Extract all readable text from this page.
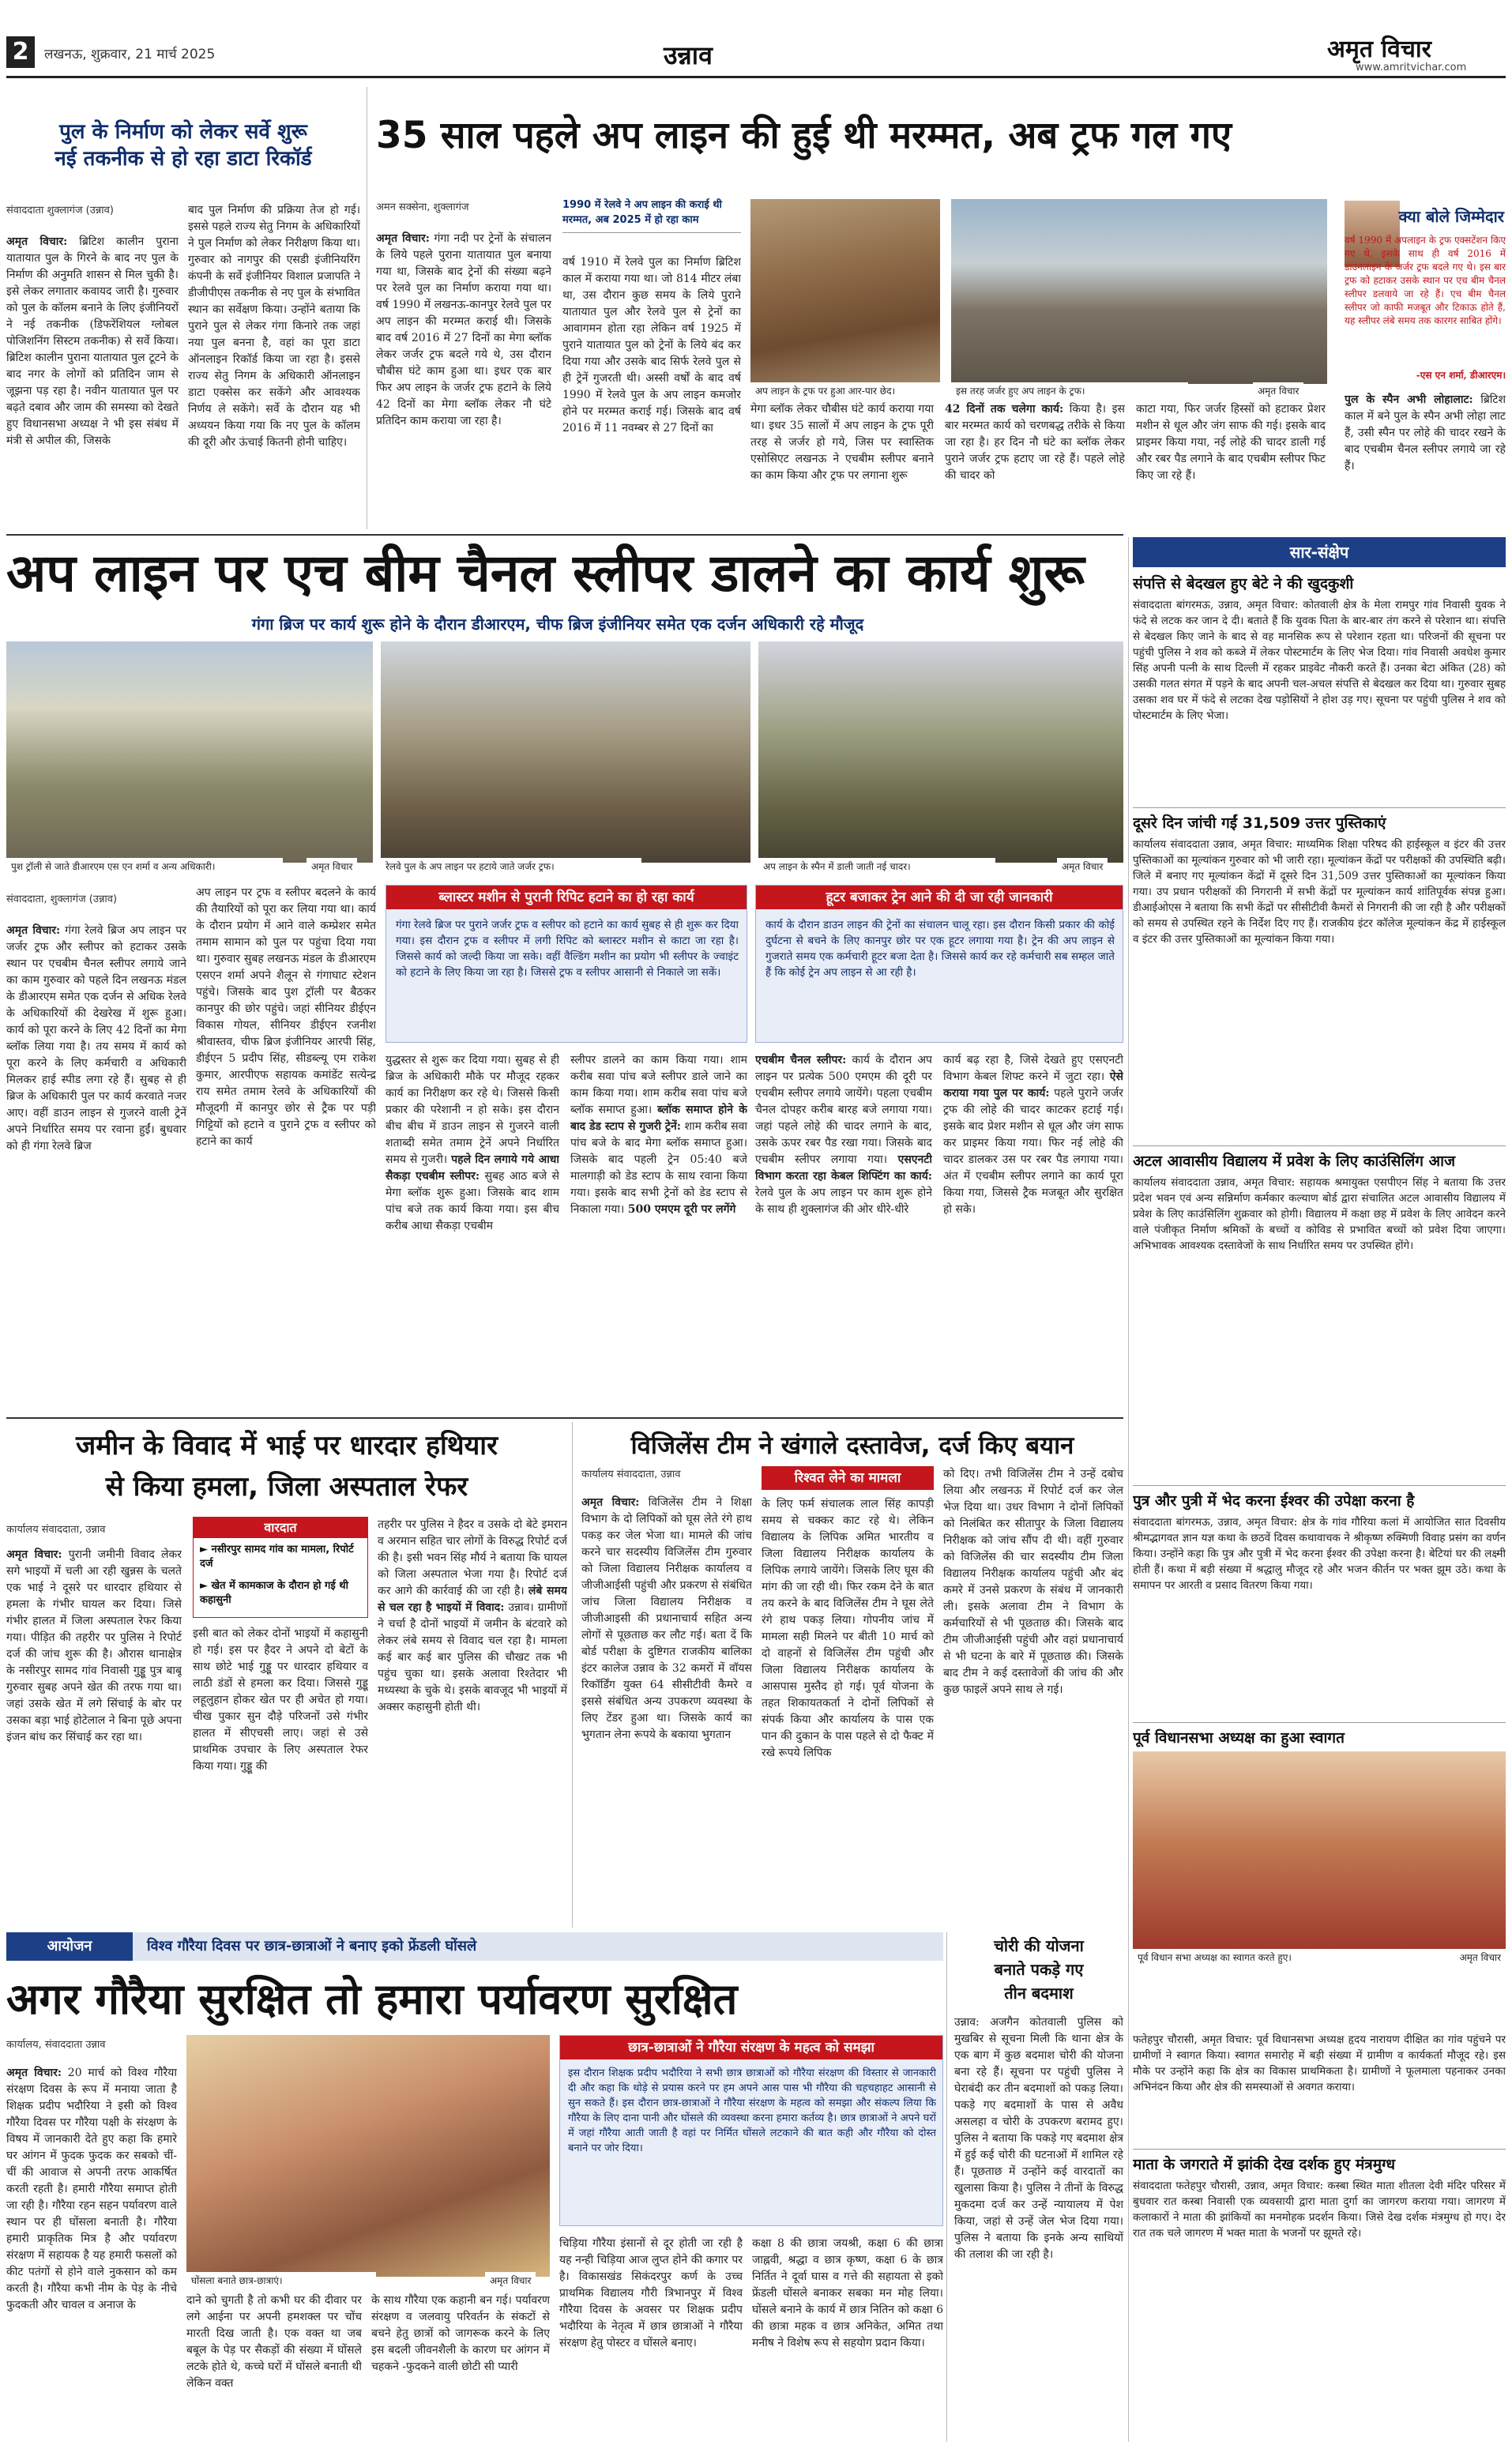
2	लखनऊ, शुक्रवार, 21 मार्च 2025	उन्नाव	अमृत विचार
www.amritvichar.com
पुल के निर्माण को लेकर सर्वे शुरू
नई तकनीक से हो रहा डाटा रिकॉर्ड
संवाददाता शुक्लागंज (उन्नाव)
अमृत विचार: ब्रिटिश कालीन पुराना यातायात पुल के गिरने के बाद नए पुल के निर्माण की अनुमति शासन से मिल चुकी है। इसे लेकर लगातार कवायद जारी है। गुरुवार को पुल के कॉलम बनाने के लिए इंजीनियरों ने नई तकनीक (डिफरेंशियल ग्लोबल पोजिशनिंग सिस्टम तकनीक) से सर्वे किया। ब्रिटिश कालीन पुराना यातायात पुल टूटने के बाद नगर के लोगों को प्रतिदिन जाम से जूझना पड़ रहा है। नवीन यातायात पुल पर बढ़ते दबाव और जाम की समस्या को देखते हुए विधानसभा अध्यक्ष ने भी इस संबंध में मंत्री से अपील की, जिसके
बाद पुल निर्माण की प्रक्रिया तेज हो गई। इससे पहले राज्य सेतु निगम के अधिकारियों ने पुल निर्माण को लेकर निरीक्षण किया था। गुरुवार को नागपुर की एसडी इंजीनियरिंग कंपनी के सर्वे इंजीनियर विशाल प्रजापति ने डीजीपीएस तकनीक से नए पुल के संभावित स्थान का सर्वेक्षण किया। उन्होंने बताया कि पुराने पुल से लेकर गंगा किनारे तक जहां नया पुल बनना है, वहां का पूरा डाटा ऑनलाइन रिकॉर्ड किया जा रहा है। इससे राज्य सेतु निगम के अधिकारी ऑनलाइन डाटा एक्सेस कर सकेंगे और आवश्यक निर्णय ले सकेंगे। सर्वे के दौरान यह भी अध्ययन किया गया कि नए पुल के कॉलम की दूरी और ऊंचाई कितनी होनी चाहिए।
35 साल पहले अप लाइन की हुई थी मरम्मत, अब ट्रफ गल गए
अमन सक्सेना, शुक्लागंज
अमृत विचार: गंगा नदी पर ट्रेनों के संचालन के लिये पहले पुराना यातायात पुल बनाया गया था, जिसके बाद ट्रेनों की संख्या बढ़ने पर रेलवे पुल का निर्माण कराया गया था। वर्ष 1990 में लखनऊ-कानपुर रेलवे पुल पर अप लाइन की मरम्मत कराई थी। जिसके बाद वर्ष 2016 में 27 दिनों का मेगा ब्लॉक लेकर जर्जर ट्रफ बदले गये थे, उस दौरान चौबीस घंटे काम हुआ था। इधर एक बार फिर अप लाइन के जर्जर ट्रफ हटाने के लिये 42 दिनों का मेगा ब्लॉक लेकर नौ घंटे प्रतिदिन काम कराया जा रहा है।
1990 में रेलवे ने अप लाइन की कराई थी मरम्मत, अब 2025 में हो रहा काम
वर्ष 1910 में रेलवे पुल का निर्माण ब्रिटिश काल में कराया गया था। जो 814 मीटर लंबा था, उस दौरान कुछ समय के लिये पुराने यातायात पुल और रेलवे पुल से ट्रेनों का आवागमन होता रहा लेकिन वर्ष 1925 में पुराने यातायात पुल को ट्रेनों के लिये बंद कर दिया गया और उसके बाद सिर्फ रेलवे पुल से ही ट्रेनें गुजरती थी। अस्सी वर्षों के बाद वर्ष 1990 में रेलवे पुल के अप लाइन कमजोर होने पर मरम्मत कराई गई। जिसके बाद वर्ष 2016 में 11 नवम्बर से 27 दिनों का
अप लाइन के ट्रफ पर हुआ आर-पार छेद।	इस तरह जर्जर हुए अप लाइन के ट्रफ।	अमृत विचार
मेगा ब्लॉक लेकर चौबीस घंटे कार्य कराया गया था। इधर 35 सालों में अप लाइन के ट्रफ पूरी तरह से जर्जर हो गये, जिस पर स्वास्तिक एसोसिएट लखनऊ ने एचबीम स्लीपर बनाने का काम किया और ट्रफ पर लगाना शुरू
42 दिनों तक चलेगा कार्य: किया है। इस बार मरम्मत कार्य को चरणबद्ध तरीके से किया जा रहा है। हर दिन नौ घंटे का ब्लॉक लेकर पुराने जर्जर ट्रफ हटाए जा रहे हैं। पहले लोहे की चादर को
काटा गया, फिर जर्जर हिस्सों को हटाकर प्रेशर मशीन से धूल और जंग साफ की गई। इसके बाद प्राइमर किया गया, नई लोहे की चादर डाली गई और रबर पैड लगाने के बाद एचबीम स्लीपर फिट किए जा रहे हैं।
क्या बोले जिम्मेदार
वर्ष 1990 में अपलाइन के ट्रफ एक्सटेंशन किए गए थे, इसके साथ ही वर्ष 2016 में डाउनलाइन के जर्जर ट्रफ बदले गए थे। इस बार ट्रफ को हटाकर उसके स्थान पर एच बीम चैनल स्लीपर डलवाये जा रहे हैं। एच बीम चैनल स्लीपर जो काफी मजबूत और टिकाऊ होते हैं, यह स्लीपर लंबे समय तक कारगर साबित होंगे।
-एस एन शर्मा, डीआरएम।
पुल के स्पैन अभी लोहालाट: ब्रिटिश काल में बने पुल के स्पैन अभी लोहा लाट हैं, उसी स्पैन पर लोहे की चादर रखने के बाद एचबीम चैनल स्लीपर लगाये जा रहे हैं।
अप लाइन पर एच बीम चैनल स्लीपर डालने का कार्य शुरू
गंगा ब्रिज पर कार्य शुरू होने के दौरान डीआरएम, चीफ ब्रिज इंजीनियर समेत एक दर्जन अधिकारी रहे मौजूद
पुश ट्रॉली से जाते डीआरएम एस एन शर्मा व अन्य अधिकारी।	अमृत विचार	रेलवे पुल के अप लाइन पर हटाये जाते जर्जर ट्रफ।	अप लाइन के स्पैन में डाली जाती नई चादर।	अमृत विचार
संवाददाता, शुक्लागंज (उन्नाव)
अमृत विचार: गंगा रेलवे ब्रिज अप लाइन पर जर्जर ट्रफ और स्लीपर को हटाकर उसके स्थान पर एचबीम चैनल स्लीपर लगाये जाने का काम गुरुवार को पहले दिन लखनऊ मंडल के डीआरएम समेत एक दर्जन से अधिक रेलवे के अधिकारियों की देखरेख में शुरू हुआ। कार्य को पूरा करने के लिए 42 दिनों का मेगा ब्लॉक लिया गया है। तय समय में कार्य को पूरा करने के लिए कर्मचारी व अधिकारी मिलकर हाई स्पीड लगा रहे हैं। सुबह से ही ब्रिज के अधिकारी पुल पर कार्य करवाते नजर आए। वहीं डाउन लाइन से गुजरने वाली ट्रेनें अपने निर्धारित समय पर रवाना हुईं। बुधवार को ही गंगा रेलवे ब्रिज
अप लाइन पर ट्रफ व स्लीपर बदलने के कार्य की तैयारियों को पूरा कर लिया गया था। कार्य के दौरान प्रयोग में आने वाले कम्प्रेशर समेत तमाम सामान को पुल पर पहुंचा दिया गया था। गुरुवार सुबह लखनऊ मंडल के डीआरएम एसएन शर्मा अपने शैलून से गंगाघाट स्टेशन पहुंचे। जिसके बाद पुश ट्रॉली पर बैठकर कानपुर की छोर पहुंचे। जहां सीनियर डीईएन विकास गोयल, सीनियर डीईएन रजनीश श्रीवास्तव, चीफ ब्रिज इंजीनियर आरपी सिंह, डीईएन 5 प्रदीप सिंह, सीडब्ल्यू एम राकेश कुमार, आरपीएफ सहायक कमांडेंट सत्येन्द्र राय समेत तमाम रेलवे के अधिकारियों की मौजूदगी में कानपुर छोर से ट्रैक पर पड़ी गिट्टियों को हटाने व पुराने ट्रफ व स्लीपर को हटाने का कार्य
ब्लास्टर मशीन से पुरानी रिपिट हटाने का हो रहा कार्य
गंगा रेलवे ब्रिज पर पुराने जर्जर ट्रफ व स्लीपर को हटाने का कार्य सुबह से ही शुरू कर दिया गया। इस दौरान ट्रफ व स्लीपर में लगी रिपिट को ब्लास्टर मशीन से काटा जा रहा है। जिससे कार्य को जल्दी किया जा सके। वहीं वैल्डिंग मशीन का प्रयोग भी स्लीपर के ज्वाइंट को हटाने के लिए किया जा रहा है। जिससे ट्रफ व स्लीपर आसानी से निकाले जा सकें।
हूटर बजाकर ट्रेन आने की दी जा रही जानकारी
कार्य के दौरान डाउन लाइन की ट्रेनों का संचालन चालू रहा। इस दौरान किसी प्रकार की कोई दुर्घटना से बचने के लिए कानपुर छोर पर एक हूटर लगाया गया है। ट्रेन की अप लाइन से गुजराते समय एक कर्मचारी हूटर बजा देता है। जिससे कार्य कर रहे कर्मचारी सब सम्हल जाते हैं कि कोई ट्रेन अप लाइन से आ रही है।
युद्धस्तर से शुरू कर दिया गया। सुबह से ही ब्रिज के अधिकारी मौके पर मौजूद रहकर कार्य का निरीक्षण कर रहे थे। जिससे किसी प्रकार की परेशानी न हो सके। इस दौरान बीच बीच में डाउन लाइन से गुजरने वाली शताब्दी समेत तमाम ट्रेनें अपने निर्धारित समय से गुजरी। पहले दिन लगाये गये आधा सैकड़ा एचबीम स्लीपर: सुबह आठ बजे से मेगा ब्लॉक शुरू हुआ। जिसके बाद शाम पांच बजे तक कार्य किया गया। इस बीच करीब आधा सैकड़ा एचबीम
स्लीपर डालने का काम किया गया। शाम करीब सवा पांच बजे स्लीपर डाले जाने का काम किया गया। शाम करीब सवा पांच बजे ब्लॉक समाप्त हुआ। ब्लॉक समाप्त होने के बाद डेड स्टाप से गुजरी ट्रेनें: शाम करीब सवा पांच बजे के बाद मेगा ब्लॉक समाप्त हुआ। जिसके बाद पहली ट्रेन 05:40 बजे मालगाड़ी को डेड स्टाप के साथ रवाना किया गया। इसके बाद सभी ट्रेनों को डेड स्टाप से निकाला गया। 500 एमएम दूरी पर लगेंगे
एचबीम चैनल स्लीपर: कार्य के दौरान अप लाइन पर प्रत्येक 500 एमएम की दूरी पर एचबीम स्लीपर लगाये जायेंगे। पहला एचबीम चैनल दोपहर करीब बारह बजे लगाया गया। जहां पहले लोहे की चादर लगाने के बाद, उसके ऊपर रबर पैड रखा गया। जिसके बाद एचबीम स्लीपर लगाया गया। एसएनटी विभाग करता रहा केबल शिफ्टिंग का कार्य: रेलवे पुल के अप लाइन पर काम शुरू होने के साथ ही शुक्लागंज की ओर धीरे-धीरे
कार्य बढ़ रहा है, जिसे देखते हुए एसएनटी विभाग केबल शिफ्ट करने में जुटा रहा। ऐसे कराया गया पुल पर कार्य: पहले पुराने जर्जर ट्रफ की लोहे की चादर काटकर हटाई गई। इसके बाद प्रेशर मशीन से धूल और जंग साफ कर प्राइमर किया गया। फिर नई लोहे की चादर डालकर उस पर रबर पैड लगाया गया। अंत में एचबीम स्लीपर लगाने का कार्य पूरा किया गया, जिससे ट्रैक मजबूत और सुरक्षित हो सके।
जमीन के विवाद में भाई पर धारदार हथियार
से किया हमला, जिला अस्पताल रेफर
कार्यालय संवाददाता, उन्नाव
अमृत विचार: पुरानी जमीनी विवाद लेकर सगे भाइयों में चली आ रही खुन्नस के चलते एक भाई ने दूसरे पर धारदार हथियार से हमला के गंभीर घायल कर दिया। जिसे गंभीर हालत में जिला अस्पताल रेफर किया गया। पीड़ित की तहरीर पर पुलिस ने रिपोर्ट दर्ज की जांच शुरू की है। औरास थानाक्षेत्र के नसीरपुर सामद गांव निवासी गुड्डू पुत्र बाबू गुरुवार सुबह अपने खेत की तरफ गया था। जहां उसके खेत में लगे सिंचाई के बोर पर उसका बड़ा भाई होटेलाल ने बिना पूछे अपना इंजन बांध कर सिंचाई कर रहा था।
वारदात
► नसीरपुर सामद गांव का मामला, रिपोर्ट दर्ज
► खेत में कामकाज के दौरान हो गई थी कहासुनी
इसी बात को लेकर दोनों भाइयों में कहासुनी हो गई। इस पर हैदर ने अपने दो बेटों के साथ छोटे भाई गुड्डू पर धारदार हथियार व लाठी डंडों से हमला कर दिया। जिससे गुड्डू लहूलुहान होकर खेत पर ही अचेत हो गया। चीख पुकार सुन दौड़े परिजनों उसे गंभीर हालत में सीएचसी लाए। जहां से उसे प्राथमिक उपचार के लिए अस्पताल रेफर किया गया। गुड्डू की
तहरीर पर पुलिस ने हैदर व उसके दो बेटे इमरान व अरमान सहित चार लोगों के विरुद्ध रिपोर्ट दर्ज की है। इसी भवन सिंह मौर्य ने बताया कि घायल को जिला अस्पताल भेजा गया है। रिपोर्ट दर्ज कर आगे की कार्रवाई की जा रही है। लंबे समय से चल रहा है भाइयों में विवाद: उन्नाव। ग्रामीणों ने चर्चा है दोनों भाइयों में जमीन के बंटवारे को लेकर लंबे समय से विवाद चल रहा है। मामला कई बार कई बार पुलिस की चौखट तक भी पहुंच चुका था। इसके अलावा रिश्तेदार भी मध्यस्था के चुके थे। इसके बावजूद भी भाइयों में अक्सर कहासुनी होती थी।
विजिलेंस टीम ने खंगाले दस्तावेज, दर्ज किए बयान
कार्यालय संवाददाता, उन्नाव
अमृत विचार: विजिलेंस टीम ने शिक्षा विभाग के दो लिपिकों को घूस लेते रंगे हाथ पकड़ कर जेल भेजा था। मामले की जांच करने चार सदस्यीय विजिलेंस टीम गुरुवार को जिला विद्यालय निरीक्षक कार्यालय व जीजीआईसी पहुंची और प्रकरण से संबंधित जांच जिला विद्यालय निरीक्षक व जीजीआइसी की प्रधानाचार्य सहित अन्य लोगों से पूछताछ कर लौट गई। बता दें कि बोर्ड परीक्षा के दुष्टिगत राजकीय बालिका इंटर कालेज उन्नाव के 32 कमरों में वॉयस रिकॉर्डिंग युक्त 64 सीसीटीवी कैमरे व इससे संबंधित अन्य उपकरण व्यवस्था के लिए टेंडर हुआ था। जिसके कार्य का भुगतान लेना रूपये के बकाया भुगतान
रिश्वत लेने का मामला
के लिए फर्म संचालक लाल सिंह कापड़ी समय से चक्कर काट रहे थे। लेकिन विद्यालय के लिपिक अमित भारतीय व जिला विद्यालय निरीक्षक कार्यालय के लिपिक लगाये जायेंगे। जिसके लिए घूस की मांग की जा रही थी। फिर रकम देने के बात तय करने के बाद विजिलेंस टीम ने घूस लेते रंगे हाथ पकड़ लिया। गोपनीय जांच में मामला सही मिलने पर बीती 10 मार्च को दो वाहनों से विजिलेंस टीम पहुंची और जिला विद्यालय निरीक्षक कार्यालय के आसपास मुस्तैद हो गई। पूर्व योजना के तहत शिकायतकर्ता ने दोनों लिपिकों से संपर्क किया और कार्यालय के पास एक पान की दुकान के पास पहले से दो फैक्ट में रखे रूपये लिपिक
को दिए। तभी विजिलेंस टीम ने उन्हें दबोच लिया और लखनऊ में रिपोर्ट दर्ज कर जेल भेज दिया था। उधर विभाग ने दोनों लिपिकों को निलंबित कर सीतापुर के जिला विद्यालय निरीक्षक को जांच सौंप दी थी। वहीं गुरुवार को विजिलेंस की चार सदस्यीय टीम जिला विद्यालय निरीक्षक कार्यालय पहुंची और बंद कमरे में उनसे प्रकरण के संबंध में जानकारी ली। इसके अलावा टीम ने विभाग के कर्मचारियों से भी पूछताछ की। जिसके बाद टीम जीजीआईसी पहुंची और वहां प्रधानाचार्य से भी घटना के बारे में पूछताछ की। जिसके बाद टीम ने कई दस्तावेजों की जांच की और कुछ फाइलें अपने साथ ले गई।
आयोजन	विश्व गौरैया दिवस पर छात्र-छात्राओं ने बनाए इको फ्रेंडली घोंसले
अगर गौरैया सुरक्षित तो हमारा पर्यावरण सुरक्षित
कार्यालय, संवाददाता उन्नाव
अमृत विचार: 20 मार्च को विश्व गौरैया संरक्षण दिवस के रूप में मनाया जाता है शिक्षक प्रदीप भदौरिया ने इसी को विश्व गौरैया दिवस पर गौरैया पक्षी के संरक्षण के विषय में जानकारी देते हुए कहा कि हमारे घर आंगन में फुदक फुदक कर सबको चीं-चीं की आवाज से अपनी तरफ आकर्षित करती रहती है। हमारी गौरैया समाप्त होती जा रही है। गौरैया रहन सहन पर्यावरण वाले स्थान पर ही घोंसला बनाती है। गौरैया हमारी प्राकृतिक मित्र है और पर्यावरण संरक्षण में सहायक है यह हमारी फसलों को कीट पतंगों से होने वाले नुकसान को कम करती है। गौरैया कभी नीम के पेड़ के नीचे फुदकती और चावल व अनाज के
घोंसला बनाते छात्र-छात्राएं।	अमृत विचार
दाने को चुगती है तो कभी घर की दीवार पर लगे आईना पर अपनी हमशक्ल पर चोंच मारती दिख जाती है। एक वक्त था जब बबूल के पेड़ पर सैकड़ों की संख्या में घोंसले लटके होते थे, कच्चे घरों में घोंसले बनाती थी लेकिन वक्त
के साथ गौरैया एक कहानी बन गई। पर्यावरण संरक्षण व जलवायु परिवर्तन के संकटों से बचने हेतु छात्रों को जागरूक करने के लिए इस बदली जीवनशैली के कारण घर आंगन में चहकने -फुदकने वाली छोटी सी प्यारी
छात्र-छात्राओं ने गौरैया संरक्षण के महत्व को समझा
इस दौरान शिक्षक प्रदीप भदौरिया ने सभी छात्र छात्राओं को गौरैया संरक्षण की विस्तार से जानकारी दी और कहा कि थोड़े से प्रयास करने पर हम अपने आस पास भी गौरैया की चहचहाहट आसानी से सुन सकते हैं। इस दौरान छात्र-छात्राओं ने गौरैया संरक्षण के महत्व को समझा और संकल्प लिया कि गौरैया के लिए दाना पानी और घोंसले की व्यवस्था करना हमारा कर्तव्य है। छात्र छात्राओं ने अपने घरों में जहां गौरैया आती जाती है वहां पर निर्मित घोंसले लटकाने की बात कही और गौरैया को दोस्त बनाने पर जोर दिया।
चिड़िया गौरैया इंसानों से दूर होती जा रही है यह नन्ही चिड़िया आज लुप्त होने की कगार पर है। विकासखंड सिकंदरपुर कर्ण के उच्च प्राथमिक विद्यालय गौरी त्रिभानपुर में विश्व गौरैया दिवस के अवसर पर शिक्षक प्रदीप भदौरिया के नेतृत्व में छात्र छात्राओं ने गौरैया संरक्षण हेतु पोस्टर व घोंसले बनाए।
कक्षा 8 की छात्रा जयश्री, कक्षा 6 की छात्रा जाह्नवी, श्रद्धा व छात्र कृष्ण, कक्षा 6 के छात्र निर्तित ने दूर्वा घास व गत्ते की सहायता से इको फ्रेंडली घोंसले बनाकर सबका मन मोह लिया। घोंसले बनाने के कार्य में छात्र नितिन को कक्षा 6 की छात्रा महक व छात्र अनिकेत, अमित तथा मनीष ने विशेष रूप से सहयोग प्रदान किया।
चोरी की योजना
बनाते पकड़े गए
तीन बदमाश
उन्नाव: अजगैन कोतवाली पुलिस को मुखबिर से सूचना मिली कि थाना क्षेत्र के एक बाग में कुछ बदमाश चोरी की योजना बना रहे हैं। सूचना पर पहुंची पुलिस ने घेराबंदी कर तीन बदमाशों को पकड़ लिया। पकड़े गए बदमाशों के पास से अवैध असलहा व चोरी के उपकरण बरामद हुए। पुलिस ने बताया कि पकड़े गए बदमाश क्षेत्र में हुई कई चोरी की घटनाओं में शामिल रहे हैं। पूछताछ में उन्होंने कई वारदातों का खुलासा किया है। पुलिस ने तीनों के विरुद्ध मुकदमा दर्ज कर उन्हें न्यायालय में पेश किया, जहां से उन्हें जेल भेज दिया गया। पुलिस ने बताया कि इनके अन्य साथियों की तलाश की जा रही है।
सार-संक्षेप
संपत्ति से बेदखल हुए बेटे ने की खुदकुशी
संवाददाता बांगरमऊ, उन्नाव, अमृत विचार: कोतवाली क्षेत्र के मेला रामपुर गांव निवासी युवक ने फंदे से लटक कर जान दे दी। बताते हैं कि युवक पिता के बार-बार तंग करने से परेशान था। संपत्ति से बेदखल किए जाने के बाद से वह मानसिक रूप से परेशान रहता था। परिजनों की सूचना पर पहुंची पुलिस ने शव को कब्जे में लेकर पोस्टमार्टम के लिए भेज दिया। गांव निवासी अवधेश कुमार सिंह अपनी पत्नी के साथ दिल्ली में रहकर प्राइवेट नौकरी करते हैं। उनका बेटा अंकित (28) को उसकी गलत संगत में पड़ने के बाद अपनी चल-अचल संपत्ति से बेदखल कर दिया था। गुरुवार सुबह उसका शव घर में फंदे से लटका देख पड़ोसियों ने होश उड़ गए। सूचना पर पहुंची पुलिस ने शव को पोस्टमार्टम के लिए भेजा।
दूसरे दिन जांची गईं 31,509 उत्तर पुस्तिकाएं
कार्यालय संवाददाता उन्नाव, अमृत विचार: माध्यमिक शिक्षा परिषद की हाईस्कूल व इंटर की उत्तर पुस्तिकाओं का मूल्यांकन गुरुवार को भी जारी रहा। मूल्यांकन केंद्रों पर परीक्षकों की उपस्थिति बढ़ी। जिले में बनाए गए मूल्यांकन केंद्रों में दूसरे दिन 31,509 उत्तर पुस्तिकाओं का मूल्यांकन किया गया। उप प्रधान परीक्षकों की निगरानी में सभी केंद्रों पर मूल्यांकन कार्य शांतिपूर्वक संपन्न हुआ। डीआईओएस ने बताया कि सभी केंद्रों पर सीसीटीवी कैमरों से निगरानी की जा रही है और परीक्षकों को समय से उपस्थित रहने के निर्देश दिए गए हैं। राजकीय इंटर कॉलेज मूल्यांकन केंद्र में हाईस्कूल व इंटर की उत्तर पुस्तिकाओं का मूल्यांकन किया गया।
अटल आवासीय विद्यालय में प्रवेश के लिए काउंसिलिंग आज
कार्यालय संवाददाता उन्नाव, अमृत विचार: सहायक श्रमायुक्त एसपीएन सिंह ने बताया कि उत्तर प्रदेश भवन एवं अन्य सन्निर्माण कर्मकार कल्याण बोर्ड द्वारा संचालित अटल आवासीय विद्यालय में प्रवेश के लिए काउंसिलिंग शुक्रवार को होगी। विद्यालय में कक्षा छह में प्रवेश के लिए आवेदन करने वाले पंजीकृत निर्माण श्रमिकों के बच्चों व कोविड से प्रभावित बच्चों को प्रवेश दिया जाएगा। अभिभावक आवश्यक दस्तावेजों के साथ निर्धारित समय पर उपस्थित होंगे।
पुत्र और पुत्री में भेद करना ईश्वर की उपेक्षा करना है
संवाददाता बांगरमऊ, उन्नाव, अमृत विचार: क्षेत्र के गांव गौरिया कलां में आयोजित सात दिवसीय श्रीमद्भागवत ज्ञान यज्ञ कथा के छठवें दिवस कथावाचक ने श्रीकृष्ण रुक्मिणी विवाह प्रसंग का वर्णन किया। उन्होंने कहा कि पुत्र और पुत्री में भेद करना ईश्वर की उपेक्षा करना है। बेटियां घर की लक्ष्मी होती हैं। कथा में बड़ी संख्या में श्रद्धालु मौजूद रहे और भजन कीर्तन पर भक्त झूम उठे। कथा के समापन पर आरती व प्रसाद वितरण किया गया।
पूर्व विधानसभा अध्यक्ष का हुआ स्वागत
पूर्व विधान सभा अध्यक्ष का स्वागत करते हुए।	अमृत विचार
फतेहपुर चौरासी, अमृत विचार: पूर्व विधानसभा अध्यक्ष हृदय नारायण दीक्षित का गांव पहुंचने पर ग्रामीणों ने स्वागत किया। स्वागत समारोह में बड़ी संख्या में ग्रामीण व कार्यकर्ता मौजूद रहे। इस मौके पर उन्होंने कहा कि क्षेत्र का विकास प्राथमिकता है। ग्रामीणों ने फूलमाला पहनाकर उनका अभिनंदन किया और क्षेत्र की समस्याओं से अवगत कराया।
माता के जगराते में झांकी देख दर्शक हुए मंत्रमुग्ध
संवाददाता फतेहपुर चौरासी, उन्नाव, अमृत विचार: कस्बा स्थित माता शीतला देवी मंदिर परिसर में बुधवार रात कस्बा निवासी एक व्यवसायी द्वारा माता दुर्गा का जागरण कराया गया। जागरण में कलाकारों ने माता की झांकियों का मनमोहक प्रदर्शन किया। जिसे देख दर्शक मंत्रमुग्ध हो गए। देर रात तक चले जागरण में भक्त माता के भजनों पर झूमते रहे।
